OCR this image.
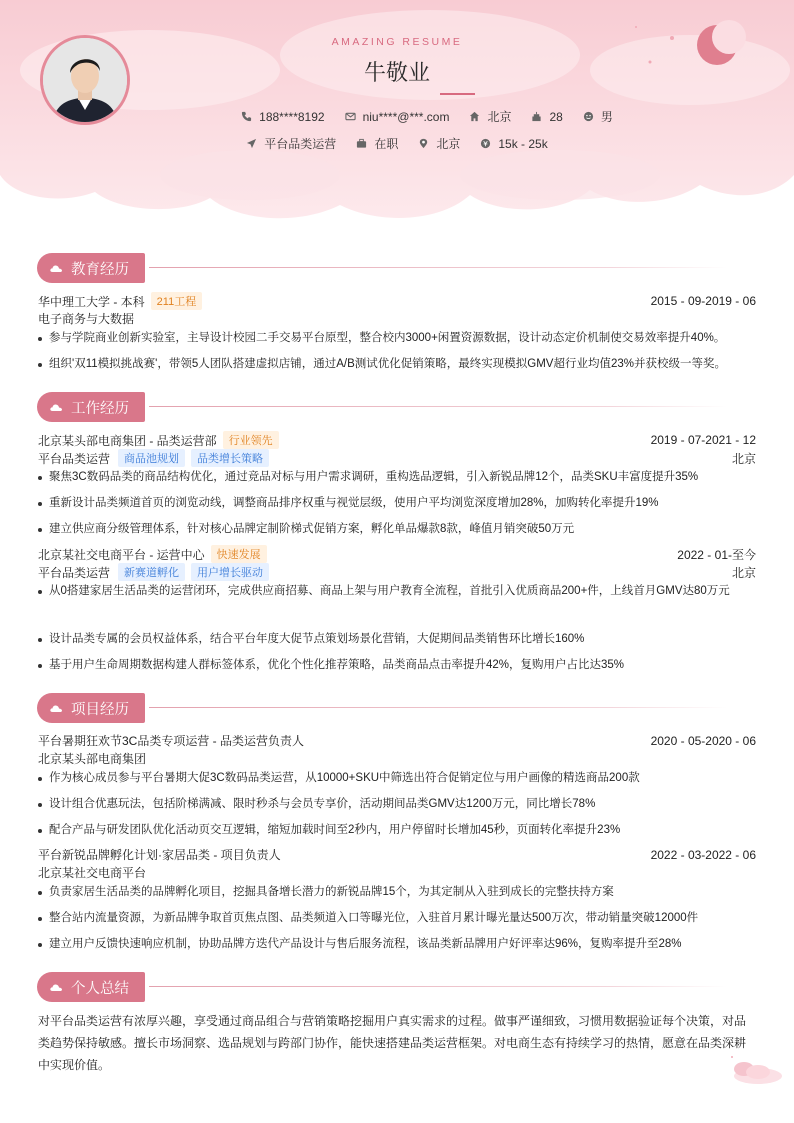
AMAZING RESUME
牛敬业
188****8192	niu****@***.com	北京	28	男
平台品类运营	在职	北京	15k - 25k
教育经历
华中理工大学 - 本科	211工程	2015 - 09-2019 - 06
电子商务与大数据
参与学院商业创新实验室，主导设计校园二手交易平台原型，整合校内3000+闲置资源数据，设计动态定价机制使交易效率提升40%。
组织'双11模拟挑战赛'，带领5人团队搭建虚拟店铺，通过A/B测试优化促销策略，最终实现模拟GMV超行业均值23%并获校级一等奖。
工作经历
北京某头部电商集团 - 品类运营部	行业领先	2019 - 07-2021 - 12
平台品类运营	商品池规划	品类增长策略	北京
聚焦3C数码品类的商品结构优化，通过竞品对标与用户需求调研，重构选品逻辑，引入新锐品牌12个，品类SKU丰富度提升35%
重新设计品类频道首页的浏览动线，调整商品排序权重与视觉层级，使用户平均浏览深度增加28%，加购转化率提升19%
建立供应商分级管理体系，针对核心品牌定制阶梯式促销方案，孵化单品爆款8款，峰值月销突破50万元
北京某社交电商平台 - 运营中心	快速发展	2022 - 01-至今
平台品类运营	新赛道孵化	用户增长驱动	北京
从0搭建家居生活品类的运营闭环，完成供应商招募、商品上架与用户教育全流程，首批引入优质商品200+件，上线首月GMV达80万元
设计品类专属的会员权益体系，结合平台年度大促节点策划场景化营销，大促期间品类销售环比增长160%
基于用户生命周期数据构建人群标签体系，优化个性化推荐策略，品类商品点击率提升42%，复购用户占比达35%
项目经历
平台暑期狂欢节3C品类专项运营 - 品类运营负责人	2020 - 05-2020 - 06
北京某头部电商集团
作为核心成员参与平台暑期大促3C数码品类运营，从10000+SKU中筛选出符合促销定位与用户画像的精选商品200款
设计组合优惠玩法，包括阶梯满减、限时秒杀与会员专享价，活动期间品类GMV达1200万元，同比增长78%
配合产品与研发团队优化活动页交互逻辑，缩短加载时间至2秒内，用户停留时长增加45秒，页面转化率提升23%
平台新锐品牌孵化计划·家居品类 - 项目负责人	2022 - 03-2022 - 06
北京某社交电商平台
负责家居生活品类的品牌孵化项目，挖掘具备增长潜力的新锐品牌15个，为其定制从入驻到成长的完整扶持方案
整合站内流量资源，为新品牌争取首页焦点图、品类频道入口等曝光位，入驻首月累计曝光量达500万次，带动销量突破12000件
建立用户反馈快速响应机制，协助品牌方迭代产品设计与售后服务流程，该品类新品牌用户好评率达96%，复购率提升至28%
个人总结
对平台品类运营有浓厚兴趣，享受通过商品组合与营销策略挖掘用户真实需求的过程。做事严谨细致，习惯用数据验证每个决策，对品类趋势保持敏感。擅长市场洞察、选品规划与跨部门协作，能快速搭建品类运营框架。对电商生态有持续学习的热情，愿意在品类深耕中实现价值。
